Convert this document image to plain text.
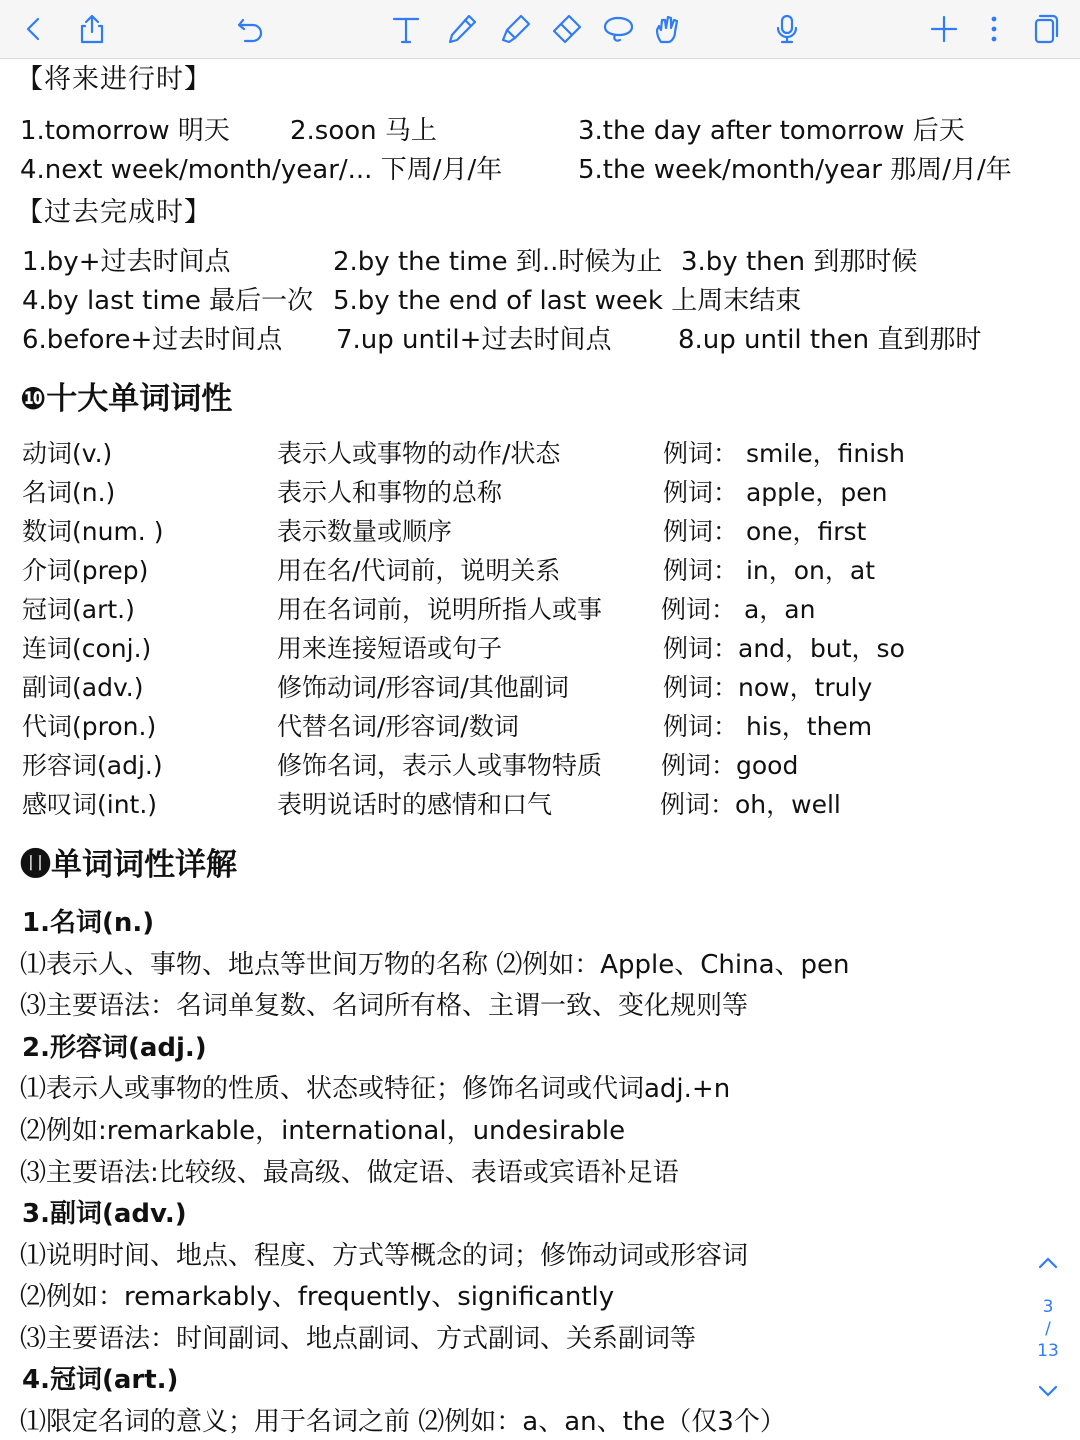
【将来进行时】
1.tomorrow 明天 2.soon 马上	3.the day after tomorrow 后天
4.next week/month/year/... 下周/月/年	5.the week/month/year 那周/月/年
【过去完成时】
1.by+过去时间点	2.by the time 到..时候为止 3.by then 到那时候
4.by last time 最后一次 5.by the end of last week 上周末结束
6.before+过去时间点 7.up until+过去时间点	8.up until then 直到那时
❿十大单词词性
动词(v.)	表示人或事物的动作/状态	例词： smile，finish
名词(n.)	表示人和事物的总称	例词： apple，pen
数词(num. )	表示数量或顺序	例词： one，first
介词(prep)	用在名/代词前，说明关系	例词： in，on，at
冠词(art.)	用在名词前，说明所指人或事 例词： a，an
连词(conj.)	用来连接短语或句子	例词：and，but，so
副词(adv.)	修饰动词/形容词/其他副词	例词：now，truly
代词(pron.)	代替名词/形容词/数词	例词： his，them
形容词(adj.)	修饰名词，表示人或事物特质 例词：good
感叹词(int.)	表明说话时的感情和口气	例词：oh，well
⓫单词词性详解
1.名词(n.)
⑴表示人、事物、地点等世间万物的名称 ⑵例如：Apple、China、pen
⑶主要语法：名词单复数、名词所有格、主谓一致、变化规则等
2.形容词(adj.)
⑴表示人或事物的性质、状态或特征；修饰名词或代词adj.+n
⑵例如:remarkable，international，undesirable
⑶主要语法:比较级、最高级、做定语、表语或宾语补足语
3.副词(adv.)
⑴说明时间、地点、程度、方式等概念的词；修饰动词或形容词
⑵例如：remarkably、frequently、significantly
⑶主要语法：时间副词、地点副词、方式副词、关系副词等
4.冠词(art.)
⑴限定名词的意义；用于名词之前 ⑵例如：a、an、the（仅3个）
3
/
13
